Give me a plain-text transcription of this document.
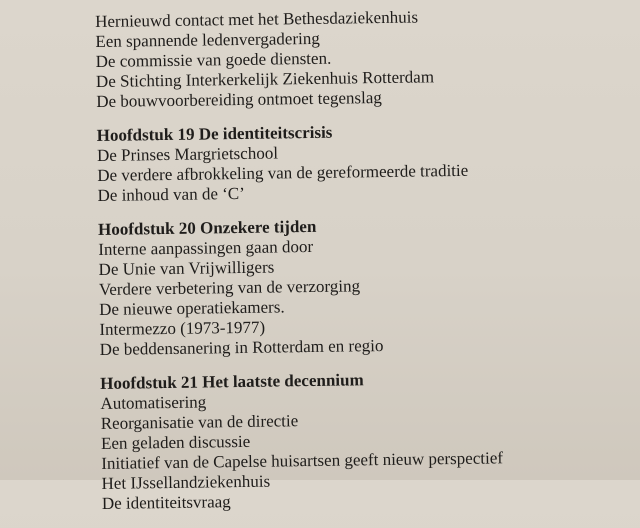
Hernieuwd contact met het Bethesdaziekenhuis

Een spannende ledenvergadering

De commissie van goede diensten.

De Stichting Interkerkelijk Ziekenhuis Rotterdam

De bouwvoorbereiding ontmoet tegenslag

Hoofdstuk 19 De identiteitscrisis

De Prinses Margrietschool

De verdere afbrokkeling van de gereformeerde traditie

De inhoud van de ‘C’

Hoofdstuk 20 Onzekere tijden

Interne aanpassingen gaan door

De Unie van Vrijwilligers

Verdere verbetering van de verzorging

De nieuwe operatiekamers.

Intermezzo (1973-1977)

De beddensanering in Rotterdam en regio

Hoofdstuk 21 Het laatste decennium

Automatisering

Reorganisatie van de directie

Een geladen discussie

Initiatief van de Capelse huisartsen geeft nieuw perspectief

Het IJssellandziekenhuis

De identiteitsvraag
